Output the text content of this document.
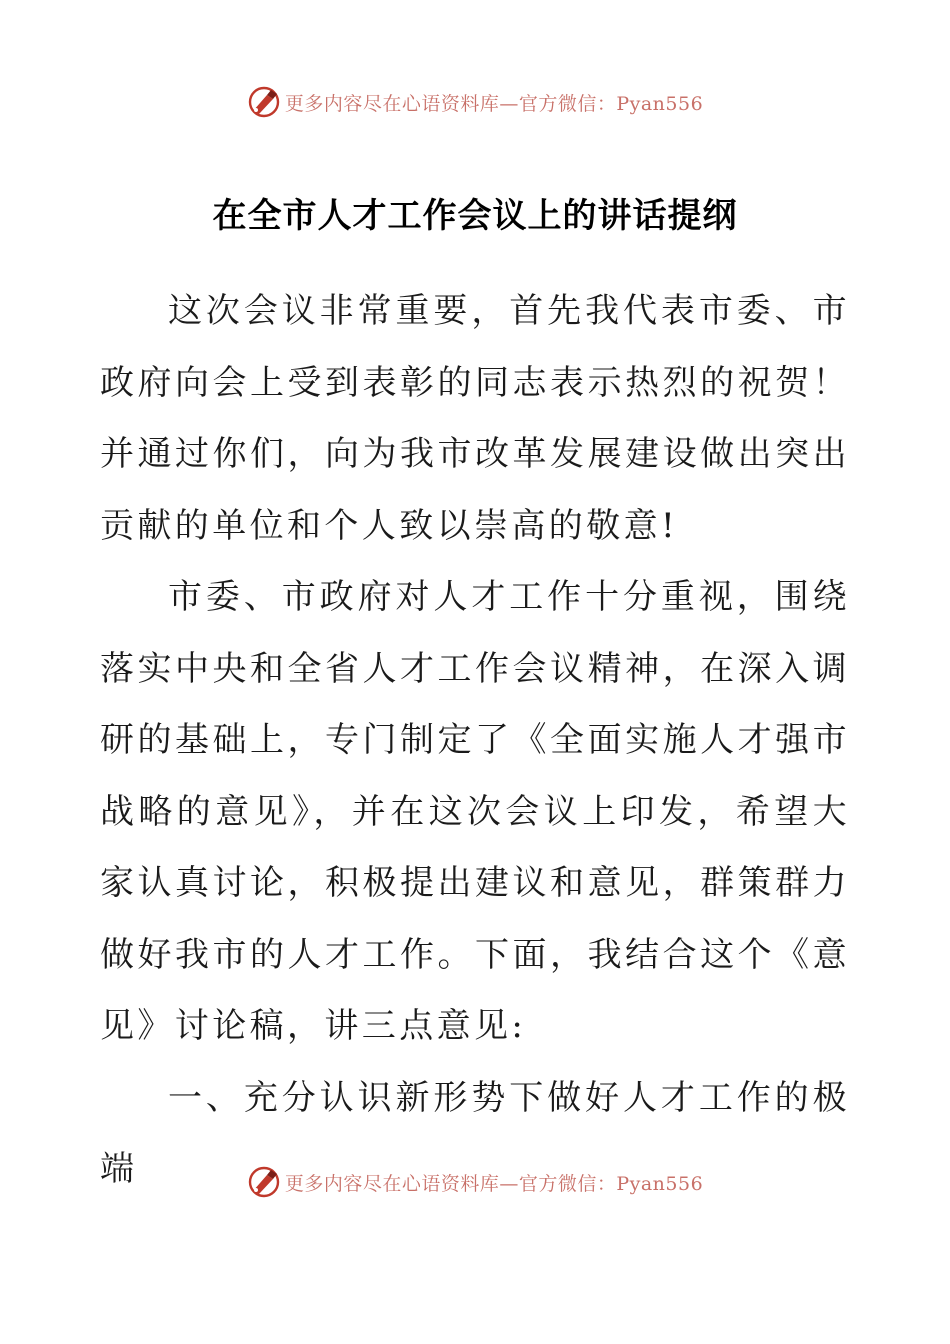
更多内容尽在心语资料库—官方微信：Pyan556
在全市人才工作会议上的讲话提纲

这次会议非常重要，首先我代表市委、市政府向会上受到表彰的同志表示热烈的祝贺！并通过你们，向为我市改革发展建设做出突出贡献的单位和个人致以崇高的敬意!

市委、市政府对人才工作十分重视，围绕落实中央和全省人才工作会议精神，在深入调研的基础上，专门制定了《全面实施人才强市战略的意见》，并在这次会议上印发，希望大家认真讨论，积极提出建议和意见，群策群力做好我市的人才工作。下面，我结合这个《意见》讨论稿，讲三点意见:

一、充分认识新形势下做好人才工作的极端	更多内容尽在心语资料库—官方微信：Pyan556
